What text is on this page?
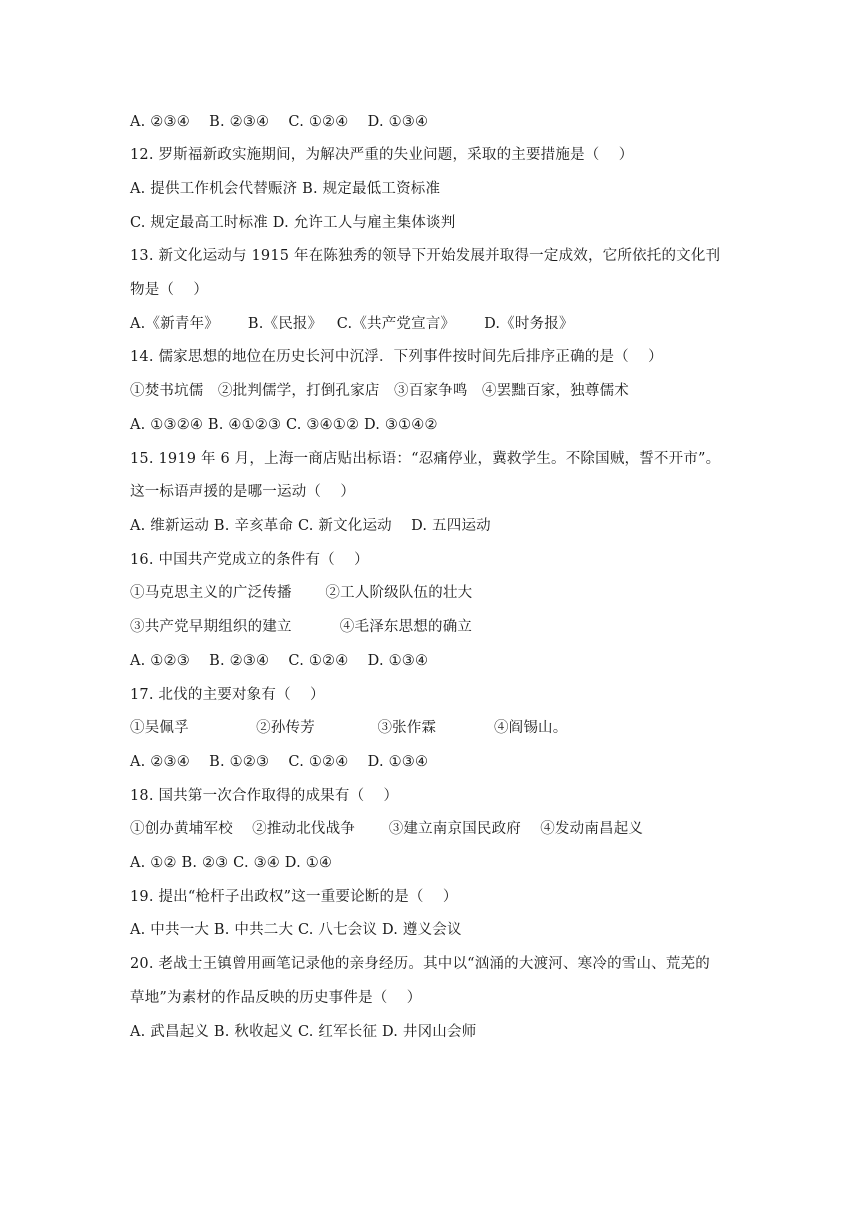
A. ②③④    B. ②③④    C. ①②④    D. ①③④
12. 罗斯福新政实施期间，为解决严重的失业问题，采取的主要措施是（    ）
A. 提供工作机会代替赈济 B. 规定最低工资标准
C. 规定最高工时标准 D. 允许工人与雇主集体谈判
13. 新文化运动与 1915 年在陈独秀的领导下开始发展并取得一定成效，它所依托的文化刊
物是（    ）
A.《新青年》      B.《民报》   C.《共产党宣言》      D.《时务报》
14. 儒家思想的地位在历史长河中沉浮．下列事件按时间先后排序正确的是（    ）
①焚书坑儒   ②批判儒学，打倒孔家店   ③百家争鸣   ④罢黜百家，独尊儒术
A. ①③②④ B. ④①②③ C. ③④①② D. ③①④②
15. 1919 年 6 月，上海一商店贴出标语：“忍痛停业，冀救学生。不除国贼，誓不开市”。
这一标语声援的是哪一运动（    ）
A. 维新运动 B. 辛亥革命 C. 新文化运动    D. 五四运动
16. 中国共产党成立的条件有（    ）
①马克思主义的广泛传播       ②工人阶级队伍的壮大
③共产党早期组织的建立          ④毛泽东思想的确立
A. ①②③    B. ②③④    C. ①②④    D. ①③④
17. 北伐的主要对象有（    ）
①吴佩孚              ②孙传芳             ③张作霖            ④阎锡山。
A. ②③④    B. ①②③    C. ①②④    D. ①③④
18. 国共第一次合作取得的成果有（    ）
①创办黄埔军校    ②推动北伐战争       ③建立南京国民政府    ④发动南昌起义
A. ①② B. ②③ C. ③④ D. ①④
19. 提出“枪杆子出政权”这一重要论断的是（    ）
A. 中共一大 B. 中共二大 C. 八七会议 D. 遵义会议
20. 老战士王镇曾用画笔记录他的亲身经历。其中以“汹涌的大渡河、寒冷的雪山、荒芜的
草地”为素材的作品反映的历史事件是（    ）
A. 武昌起义 B. 秋收起义 C. 红军长征 D. 井冈山会师
